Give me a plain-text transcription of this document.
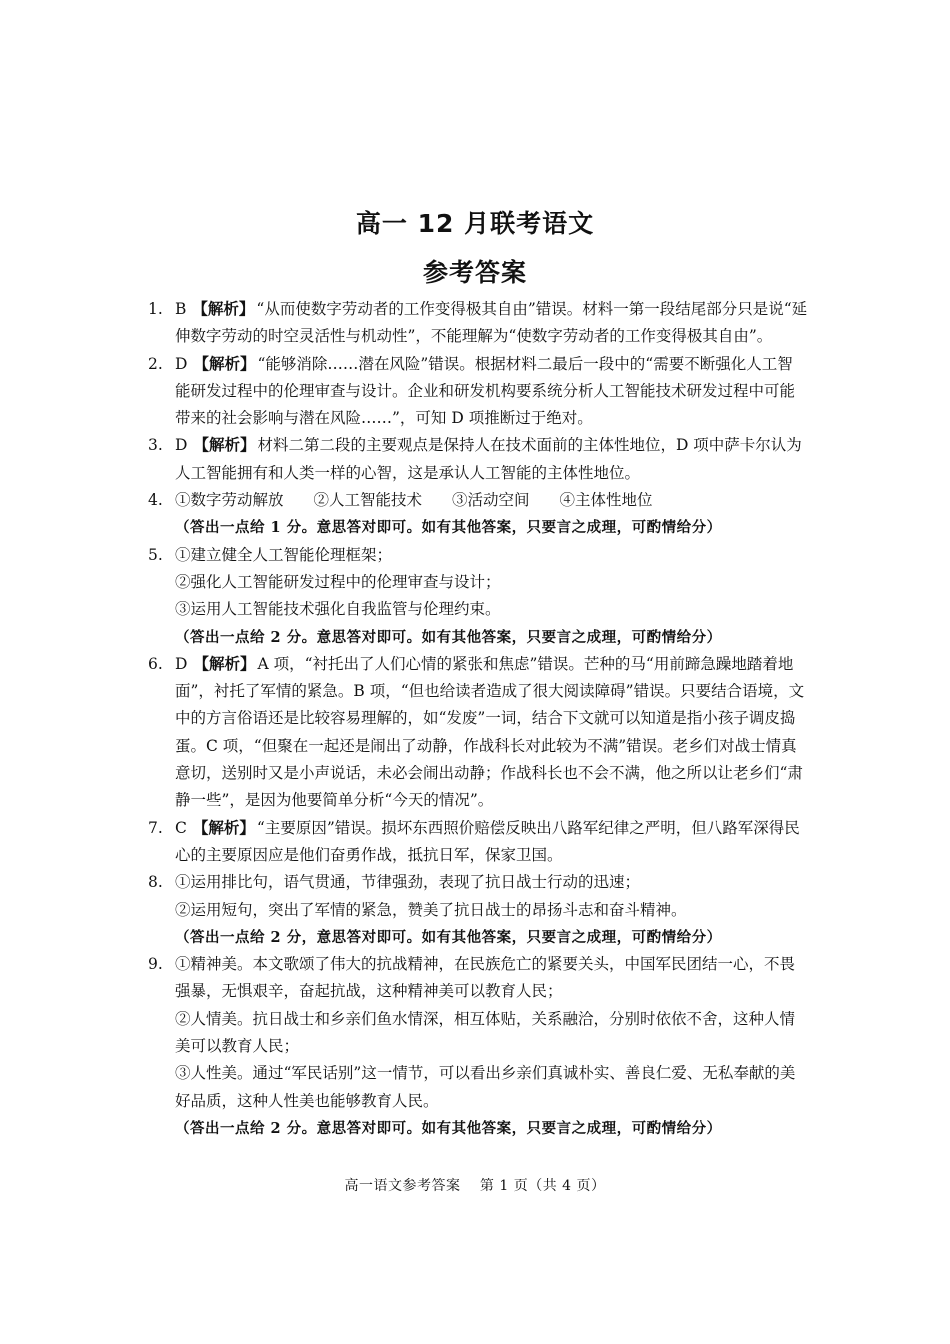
高一 12 月联考语文
参考答案
1. B 【解析】 “从而使数字劳动者的工作变得极其自由”错误。材料一第一段结尾部分只是说“延伸数字劳动的时空灵活性与机动性”，不能理解为“使数字劳动者的工作变得极其自由”。
2. D 【解析】 “能够消除……潜在风险”错误。根据材料二最后一段中的“需要不断强化人工智能研发过程中的伦理审查与设计。企业和研发机构要系统分析人工智能技术研发过程中可能带来的社会影响与潜在风险……”，可知 D 项推断过于绝对。
3. D 【解析】 材料二第二段的主要观点是保持人在技术面前的主体性地位，D 项中萨卡尔认为人工智能拥有和人类一样的心智，这是承认人工智能的主体性地位。
4. ①数字劳动解放 ②人工智能技术 ③活动空间 ④主体性地位
（答出一点给 1 分。意思答对即可。如有其他答案，只要言之成理，可酌情给分）
5. ①建立健全人工智能伦理框架；
②强化人工智能研发过程中的伦理审查与设计；
③运用人工智能技术强化自我监管与伦理约束。
（答出一点给 2 分。意思答对即可。如有其他答案，只要言之成理，可酌情给分）
6. D 【解析】 A 项，“衬托出了人们心情的紧张和焦虑”错误。芒种的马“用前蹄急躁地踏着地面”，衬托了军情的紧急。B 项，“但也给读者造成了很大阅读障碍”错误。只要结合语境，文中的方言俗语还是比较容易理解的，如“发废”一词，结合下文就可以知道是指小孩子调皮捣蛋。C 项，“但聚在一起还是闹出了动静，作战科长对此较为不满”错误。老乡们对战士情真意切，送别时又是小声说话，未必会闹出动静；作战科长也不会不满，他之所以让老乡们“肃静一些”，是因为他要简单分析“今天的情况”。
7. C 【解析】 “主要原因”错误。损坏东西照价赔偿反映出八路军纪律之严明，但八路军深得民心的主要原因应是他们奋勇作战，抵抗日军，保家卫国。
8. ①运用排比句，语气贯通，节律强劲，表现了抗日战士行动的迅速；
②运用短句，突出了军情的紧急，赞美了抗日战士的昂扬斗志和奋斗精神。
（答出一点给 2 分，意思答对即可。如有其他答案，只要言之成理，可酌情给分）
9. ①精神美。本文歌颂了伟大的抗战精神，在民族危亡的紧要关头，中国军民团结一心，不畏强暴，无惧艰辛，奋起抗战，这种精神美可以教育人民；
②人情美。抗日战士和乡亲们鱼水情深，相互体贴，关系融洽，分别时依依不舍，这种人情美可以教育人民；
③人性美。通过“军民话别”这一情节，可以看出乡亲们真诚朴实、善良仁爱、无私奉献的美好品质，这种人性美也能够教育人民。
（答出一点给 2 分。意思答对即可。如有其他答案，只要言之成理，可酌情给分）
高一语文参考答案　 第 1 页（共 4 页）
